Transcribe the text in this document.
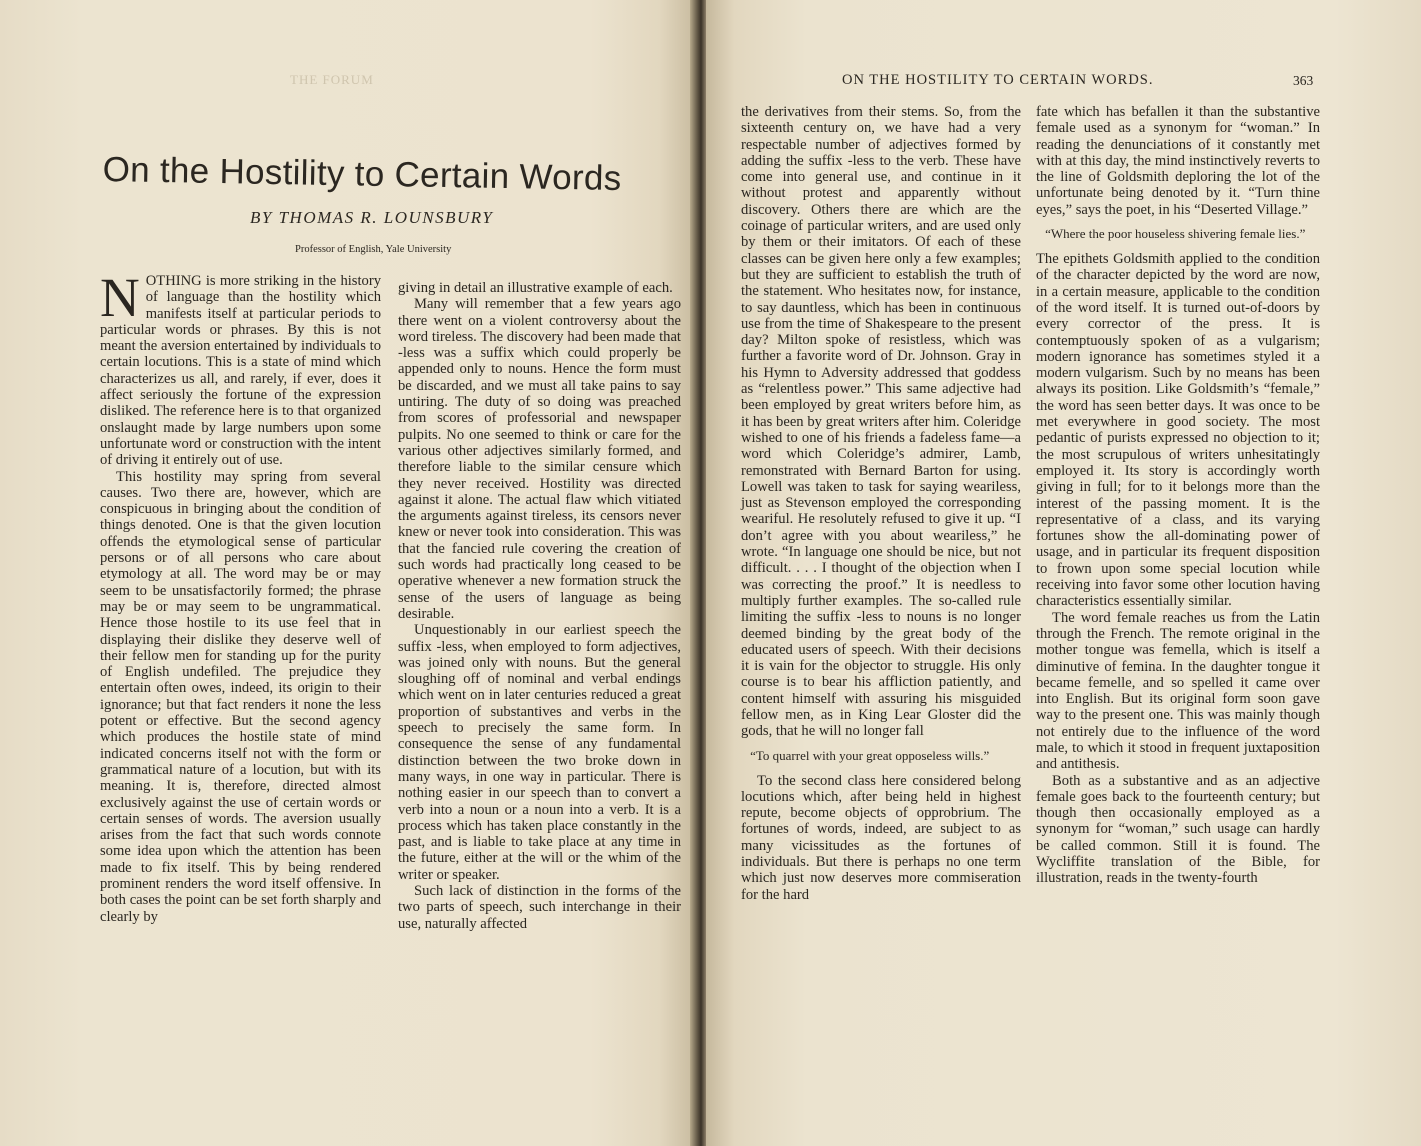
THE FORUM
On the Hostility to Certain Words
BY THOMAS R. LOUNSBURY
Professor of English, Yale University

NOTHING is more striking in the history of language than the hostility which manifests itself at particular periods to particular words or phrases. By this is not meant the aversion entertained by individuals to certain locutions. This is a state of mind which characterizes us all, and rarely, if ever, does it affect seriously the fortune of the expression disliked. The reference here is to that organized onslaught made by large numbers upon some unfortunate word or construction with the intent of driving it entirely out of use.

This hostility may spring from several causes. Two there are, however, which are conspicuous in bringing about the condition of things denoted. One is that the given locution offends the etymological sense of particular persons or of all persons who care about etymology at all. The word may be or may seem to be unsatisfactorily formed; the phrase may be or may seem to be ungrammatical. Hence those hostile to its use feel that in displaying their dislike they deserve well of their fellow men for standing up for the purity of English undefiled. The prejudice they entertain often owes, indeed, its origin to their ignorance; but that fact renders it none the less potent or effective. But the second agency which produces the hostile state of mind indicated concerns itself not with the form or grammatical nature of a locution, but with its meaning. It is, therefore, directed almost exclusively against the use of certain words or certain senses of words. The aversion usually arises from the fact that such words connote some idea upon which the attention has been made to fix itself. This by being rendered prominent renders the word itself offensive. In both cases the point can be set forth sharply and clearly by

giving in detail an illustrative example of each.

Many will remember that a few years ago there went on a violent controversy about the word tireless. The discovery had been made that -less was a suffix which could properly be appended only to nouns. Hence the form must be discarded, and we must all take pains to say untiring. The duty of so doing was preached from scores of professorial and newspaper pulpits. No one seemed to think or care for the various other adjectives similarly formed, and therefore liable to the similar censure which they never received. Hostility was directed against it alone. The actual flaw which vitiated the arguments against tireless, its censors never knew or never took into consideration. This was that the fancied rule covering the creation of such words had practically long ceased to be operative whenever a new formation struck the sense of the users of language as being desirable.

Unquestionably in our earliest speech the suffix -less, when employed to form adjectives, was joined only with nouns. But the general sloughing off of nominal and verbal endings which went on in later centuries reduced a great proportion of substantives and verbs in the speech to precisely the same form. In consequence the sense of any fundamental distinction between the two broke down in many ways, in one way in particular. There is nothing easier in our speech than to convert a verb into a noun or a noun into a verb. It is a process which has taken place constantly in the past, and is liable to take place at any time in the future, either at the will or the whim of the writer or speaker.

Such lack of distinction in the forms of the two parts of speech, such interchange in their use, naturally affected

ON THE HOSTILITY TO CERTAIN WORDS.	363

the derivatives from their stems. So, from the sixteenth century on, we have had a very respectable number of adjectives formed by adding the suffix -less to the verb. These have come into general use, and continue in it without protest and apparently without discovery. Others there are which are the coinage of particular writers, and are used only by them or their imitators. Of each of these classes can be given here only a few examples; but they are sufficient to establish the truth of the statement. Who hesitates now, for instance, to say dauntless, which has been in continuous use from the time of Shakespeare to the present day? Milton spoke of resistless, which was further a favorite word of Dr. Johnson. Gray in his Hymn to Adversity addressed that goddess as “relentless power.” This same adjective had been employed by great writers before him, as it has been by great writers after him. Coleridge wished to one of his friends a fadeless fame—a word which Coleridge’s admirer, Lamb, remonstrated with Bernard Barton for using. Lowell was taken to task for saying weariless, just as Stevenson employed the corresponding weariful. He resolutely refused to give it up. “I don’t agree with you about weariless,” he wrote. “In language one should be nice, but not difficult. . . . I thought of the objection when I was correcting the proof.” It is needless to multiply further examples. The so-called rule limiting the suffix -less to nouns is no longer deemed binding by the great body of the educated users of speech. With their decisions it is vain for the objector to struggle. His only course is to bear his affliction patiently, and content himself with assuring his misguided fellow men, as in King Lear Gloster did the gods, that he will no longer fall

“To quarrel with your great opposeless wills.”

To the second class here considered belong locutions which, after being held in highest repute, become objects of opprobrium. The fortunes of words, indeed, are subject to as many vicissitudes as the fortunes of individuals. But there is perhaps no one term which just now deserves more commiseration for the hard

fate which has befallen it than the substantive female used as a synonym for “woman.” In reading the denunciations of it constantly met with at this day, the mind instinctively reverts to the line of Goldsmith deploring the lot of the unfortunate being denoted by it. “Turn thine eyes,” says the poet, in his “Deserted Village.”

“Where the poor houseless shivering female lies.”

The epithets Goldsmith applied to the condition of the character depicted by the word are now, in a certain measure, applicable to the condition of the word itself. It is turned out-of-doors by every corrector of the press. It is contemptuously spoken of as a vulgarism; modern ignorance has sometimes styled it a modern vulgarism. Such by no means has been always its position. Like Goldsmith’s “female,” the word has seen better days. It was once to be met everywhere in good society. The most pedantic of purists expressed no objection to it; the most scrupulous of writers unhesitatingly employed it. Its story is accordingly worth giving in full; for to it belongs more than the interest of the passing moment. It is the representative of a class, and its varying fortunes show the all-dominating power of usage, and in particular its frequent disposition to frown upon some special locution while receiving into favor some other locution having characteristics essentially similar.

The word female reaches us from the Latin through the French. The remote original in the mother tongue was femella, which is itself a diminutive of femina. In the daughter tongue it became femelle, and so spelled it came over into English. But its original form soon gave way to the present one. This was mainly though not entirely due to the influence of the word male, to which it stood in frequent juxtaposition and antithesis.

Both as a substantive and as an adjective female goes back to the fourteenth century; but though then occasionally employed as a synonym for “woman,” such usage can hardly be called common. Still it is found. The Wycliffite translation of the Bible, for illustration, reads in the twenty-fourth
